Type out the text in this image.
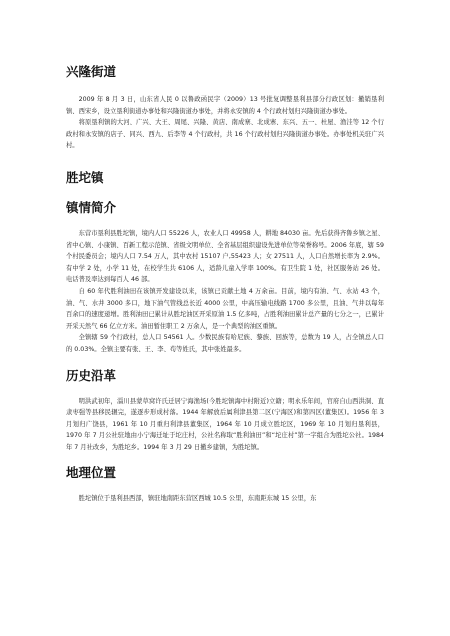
兴隆街道

2009 年 8 月 3 日，山东省人民 0 以鲁政函民字（2009）13 号批复调整垦利县部分行政区划：撤销垦利镇、西宋乡，设立垦利街道办事处和兴隆街道办事处，并将永安镇的 4 个行政村划归兴隆街道办事处。

将原垦利镇的大河、广兴、大王、周尾、兴隆、黄店、南成寨、北成寨、东兴、五一、杜屋、渔洼等 12 个行政村和永安镇的店子、同兴、西九、后李等 4 个行政村，共 16 个行政村划归兴隆街道办事处。办事处机关驻广兴村。

胜坨镇
镇情简介

东营市垦利县胜坨镇，境内人口 55226 人，农业人口 49958 人，耕地 84030 亩。先后获得齐鲁乡镇之星、省中心镇、小康镇、百新工程示范镇、省级文明单位、全省基层组织建设先进单位等荣誉称号。2006 年底，辖 59 个村民委员会；境内人口 7.54 万人，其中农村 15107 户,55423 人；女 27511 人，人口自然增长率为 2.9%。有中学 2 处，小学 11 处，在校学生共 6106 人，适龄儿童入学率 100%。有卫生院 1 处，社区服务站 26 处。电话普及率达到每百人 46 部。

自 60 年代胜利油田在该镇开发建设以来，该镇已贡献土地 4 万余亩。目前，境内有油、气、水站 43 个，油、气、水井 3000 多口，地下油气管线总长近 4000 公里，中高压输电线路 1700 多公里，且油、气井以每年百余口的速度递增。胜利油田已累计从胜坨油区开采原油 1.5 亿多吨，占胜利油田累计总产量的七分之一，已累计开采天然气 66 亿立方米。油田暂住职工 2 万余人，是一个典型的油区重镇。

全镇辖 59 个行政村，总人口 54561 人。少数民族有哈尼族、黎族、回族等，总数为 19 人，占全镇总人口的 0.03%。全镇主要有张、王、李、苟等姓氏，其中张姓最多。

历史沿革

明洪武初年，淄川县蒙草窝许氏迁居宁海渔场(今胜坨镇海中村附近)立籍；明永乐年间，官府自山西洪洞、直隶枣强等县移民辗完，遂逐步形成村落。1944 年解放后属利津县第二区(宁海区)和第四区(董集区)。1956 年 3 月划归广饶县，1961 年 10 月重归利津县董集区，1964 年 10 月成立胜坨区，1969 年 10 月划归垦利县，1970 年 7 月公社驻地由小宁海迁址于坨庄村，公社名称取“胜利油田”和“坨庄村”第一字组合为胜坨公社。1984 年 7 月社改乡，为胜坨乡。1994 年 3 月 29 日撤乡建镇，为胜坨镇。

地理位置

胜坨镇位于垦利县西部，镇驻地南距东营区西城 10.5 公里，东南距东城 15 公里，东
